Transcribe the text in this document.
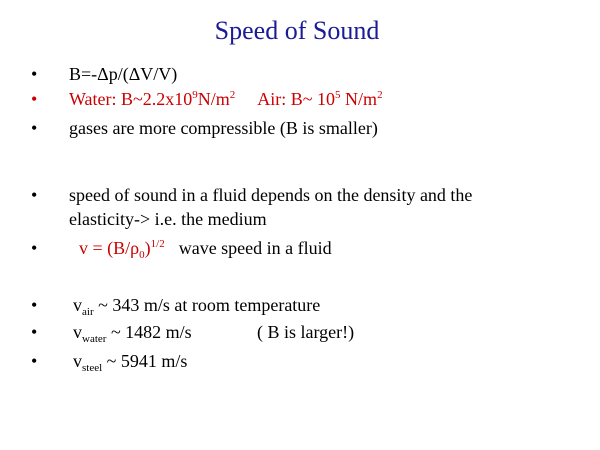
Speed of Sound
• B=-Δp/(ΔV/V)
• Water: $B\sim 2.2x10^9N/m^2$ Air: B~ $10^5$ $N/m^2$
• gases are more compressible (B is smaller)
• speed of sound in a fluid depends on the density and the
elasticity-> i.e. the medium
• $v = (B/\rho_0)^{1/2}$ wave speed in a fluid
• $v_{air}$ ~ 343 m/s at room temperature
• $v_{water}$ ~ 1482 m/s	( B is larger!)
• $v_{steel}$ ~ 5941 m/s
